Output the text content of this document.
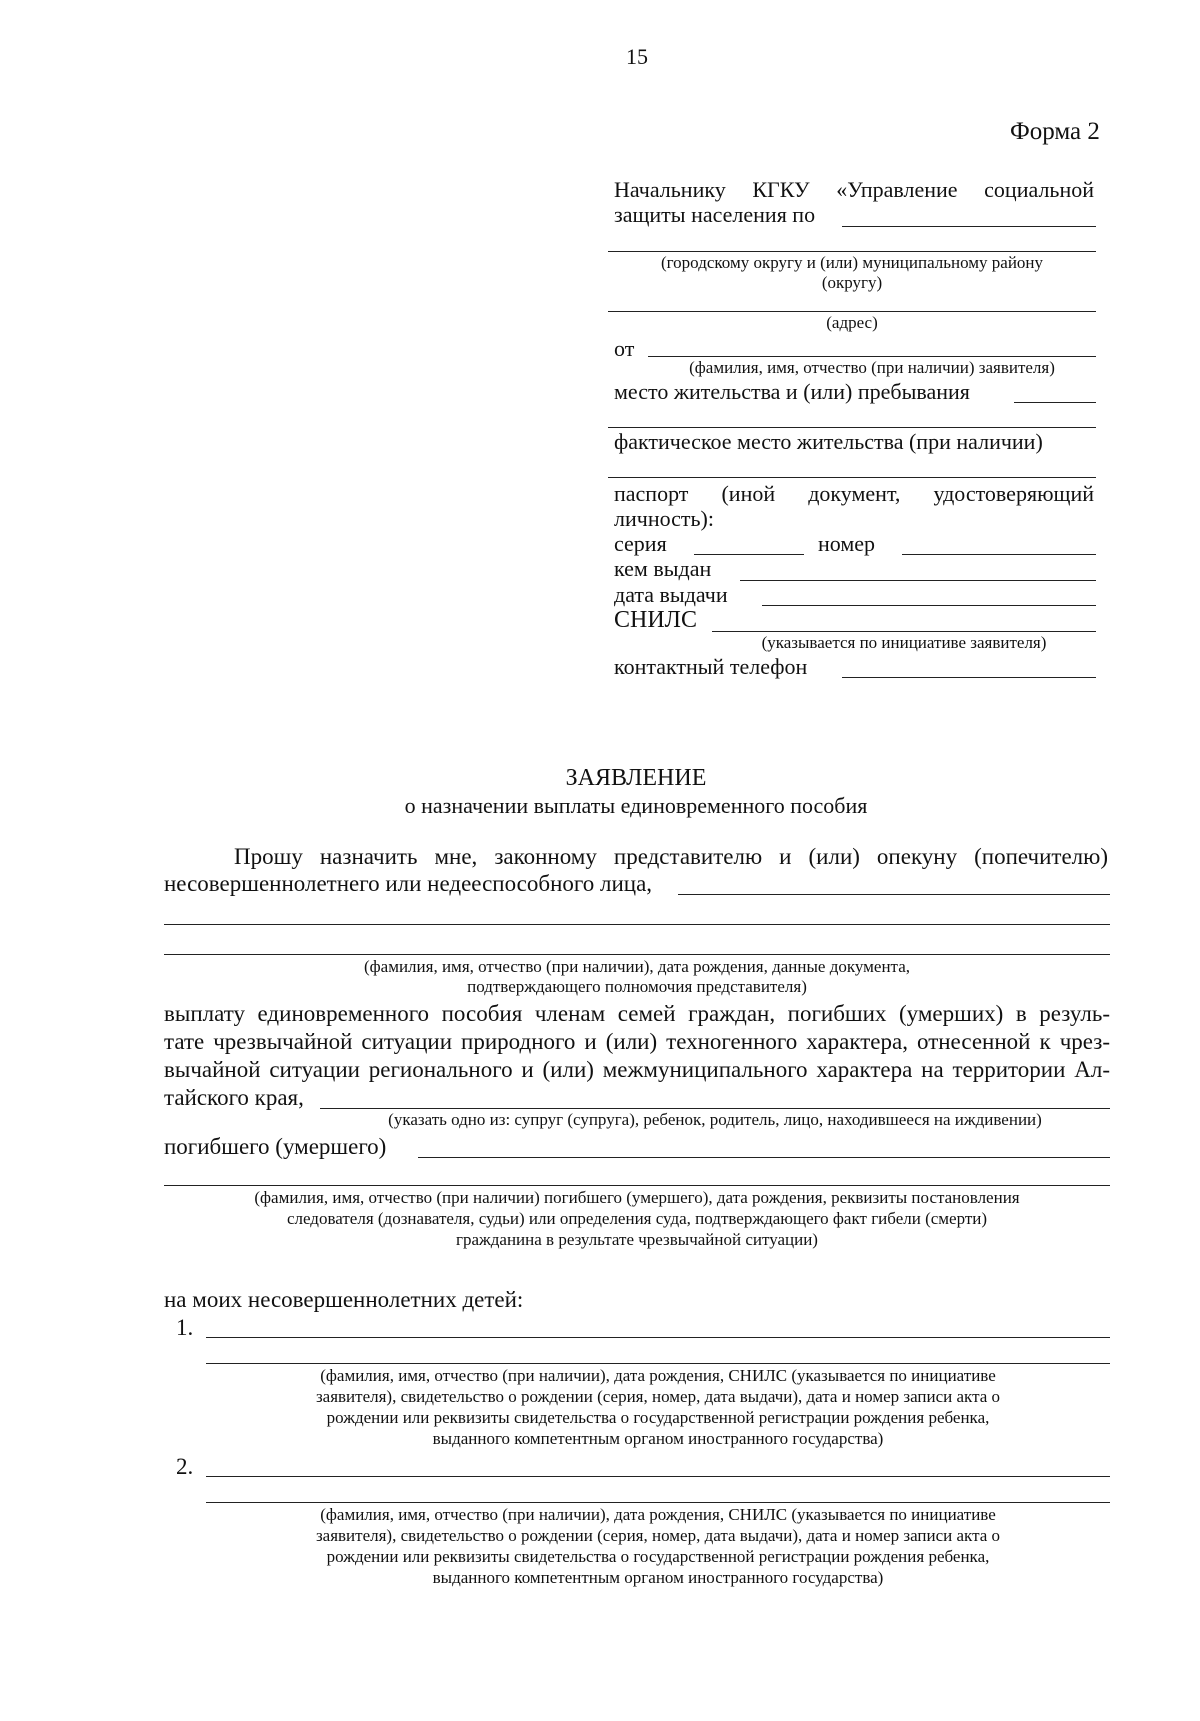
15
Форма 2
Начальнику КГКУ «Управление социальной
защиты населения по
(городскому округу и (или) муниципальному району
(округу)
(адрес)
от
(фамилия, имя, отчество (при наличии) заявителя)
место жительства и (или) пребывания
фактическое место жительства (при наличии)
паспорт (иной документ, удостоверяющий
личность):
серия	номер
кем выдан
дата выдачи
СНИЛС
(указывается по инициативе заявителя)
контактный телефон
ЗАЯВЛЕНИЕ
о назначении выплаты единовременного пособия
Прошу назначить мне, законному представителю и (или) опекуну (попечителю)
несовершеннолетнего или недееспособного лица,
(фамилия, имя, отчество (при наличии), дата рождения, данные документа,
подтверждающего полномочия представителя)
выплату единовременного пособия членам семей граждан, погибших (умерших) в резуль-
тате чрезвычайной ситуации природного и (или) техногенного характера, отнесенной к чрез-
вычайной ситуации регионального и (или) межмуниципального характера на территории Ал-
тайского края,
(указать одно из: супруг (супруга), ребенок, родитель, лицо, находившееся на иждивении)
погибшего (умершего)
(фамилия, имя, отчество (при наличии) погибшего (умершего), дата рождения, реквизиты постановления
следователя (дознавателя, судьи) или определения суда, подтверждающего факт гибели (смерти)
гражданина в результате чрезвычайной ситуации)
на моих несовершеннолетних детей:
1.
(фамилия, имя, отчество (при наличии), дата рождения, СНИЛС (указывается по инициативе
заявителя), свидетельство о рождении (серия, номер, дата выдачи), дата и номер записи акта о
рождении или реквизиты свидетельства о государственной регистрации рождения ребенка,
выданного компетентным органом иностранного государства)
2.
(фамилия, имя, отчество (при наличии), дата рождения, СНИЛС (указывается по инициативе
заявителя), свидетельство о рождении (серия, номер, дата выдачи), дата и номер записи акта о
рождении или реквизиты свидетельства о государственной регистрации рождения ребенка,
выданного компетентным органом иностранного государства)
